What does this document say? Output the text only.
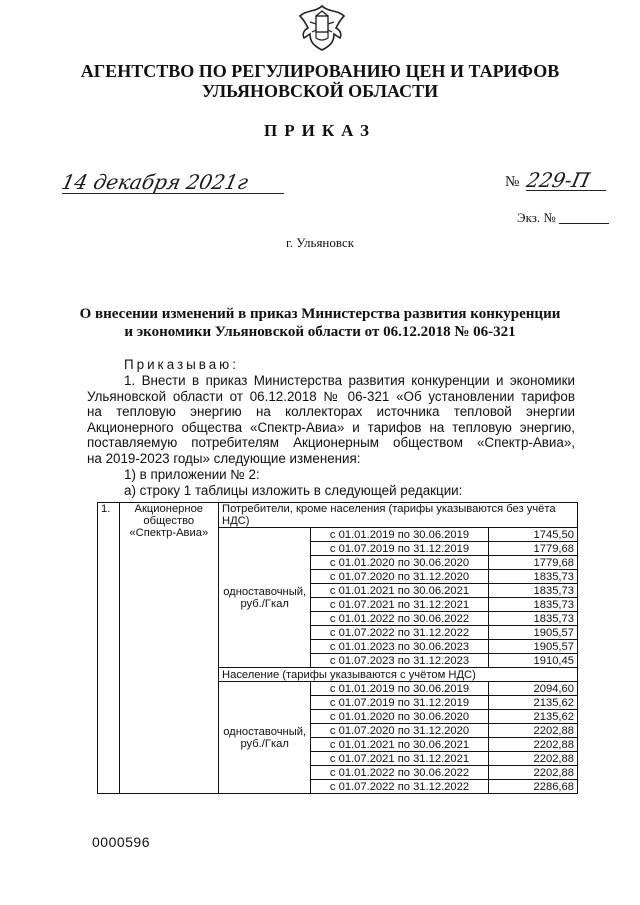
АГЕНТСТВО ПО РЕГУЛИРОВАНИЮ ЦЕН И ТАРИФОВ
УЛЬЯНОВСКОЙ ОБЛАСТИ
ПРИКАЗ
14 декабря 2021г	№ 229-П
Экз. №
г. Ульяновск
О внесении изменений в приказ Министерства развития конкуренции
и экономики Ульяновской области от 06.12.2018 № 06-321
Приказываю:
1. Внести в приказ Министерства развития конкуренции и экономики
Ульяновской области от 06.12.2018 № 06-321 «Об установлении тарифов
на тепловую энергию на коллекторах источника тепловой энергии
Акционерного общества «Спектр-Авиа» и тарифов на тепловую энергию,
поставляемую потребителям Акционерным обществом «Спектр-Авиа»,
на 2019-2023 годы» следующие изменения:
1) в приложении № 2:
а) строку 1 таблицы изложить в следующей редакции:
1.	Акционерное общество «Спектр-Авиа»	Потребители, кроме населения (тарифы указываются без учёта НДС)		
		одноставочный, руб./Гкал	с 01.01.2019 по 30.06.2019	1745,50
			с 01.07.2019 по 31.12.2019	1779,68
			с 01.01.2020 по 30.06.2020	1779,68
			с 01.07.2020 по 31.12.2020	1835,73
			с 01.01.2021 по 30.06.2021	1835,73
			с 01.07.2021 по 31.12.2021	1835,73
			с 01.01.2022 по 30.06.2022	1835,73
			с 01.07.2022 по 31.12.2022	1905,57
			с 01.01.2023 по 30.06.2023	1905,57
			с 01.07.2023 по 31.12.2023	1910,45
		Население (тарифы указываются с учётом НДС)		
		одноставочный, руб./Гкал	с 01.01.2019 по 30.06.2019	2094,60
			с 01.07.2019 по 31.12.2019	2135,62
			с 01.01.2020 по 30.06.2020	2135,62
			с 01.07.2020 по 31.12.2020	2202,88
			с 01.01.2021 по 30.06.2021	2202,88
			с 01.07.2021 по 31.12.2021	2202,88
			с 01.01.2022 по 30.06.2022	2202,88
			с 01.07.2022 по 31.12.2022	2286,68
0000596
